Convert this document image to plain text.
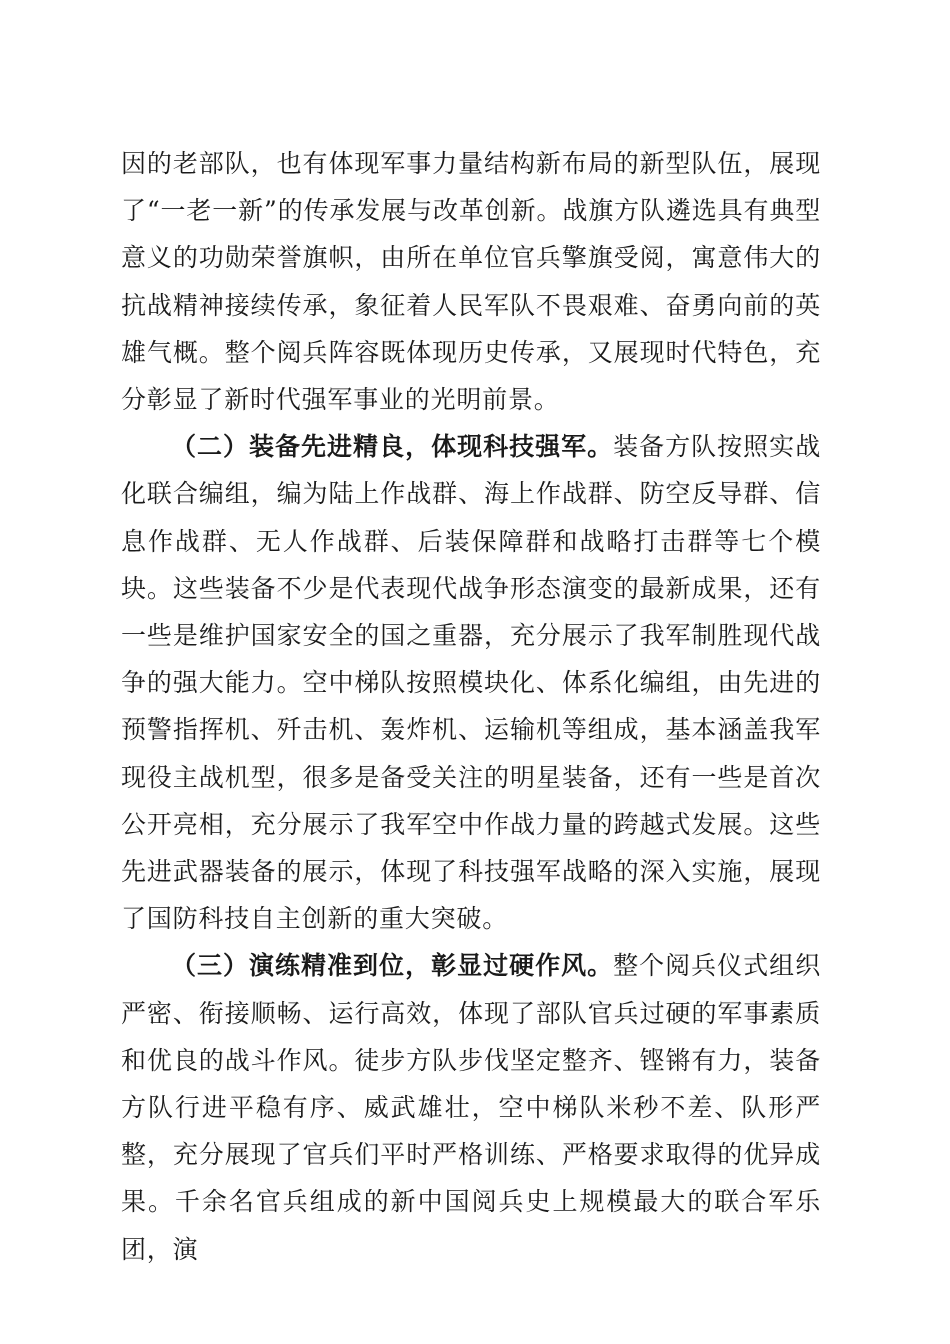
因的老部队，也有体现军事力量结构新布局的新型队伍，展现了“一老一新”的传承发展与改革创新。战旗方队遴选具有典型意义的功勋荣誉旗帜，由所在单位官兵擎旗受阅，寓意伟大的抗战精神接续传承，象征着人民军队不畏艰难、奋勇向前的英雄气概。整个阅兵阵容既体现历史传承，又展现时代特色，充分彰显了新时代强军事业的光明前景。

（二）装备先进精良，体现科技强军。装备方队按照实战化联合编组，编为陆上作战群、海上作战群、防空反导群、信息作战群、无人作战群、后装保障群和战略打击群等七个模块。这些装备不少是代表现代战争形态演变的最新成果，还有一些是维护国家安全的国之重器，充分展示了我军制胜现代战争的强大能力。空中梯队按照模块化、体系化编组，由先进的预警指挥机、歼击机、轰炸机、运输机等组成，基本涵盖我军现役主战机型，很多是备受关注的明星装备，还有一些是首次公开亮相，充分展示了我军空中作战力量的跨越式发展。这些先进武器装备的展示，体现了科技强军战略的深入实施，展现了国防科技自主创新的重大突破。

（三）演练精准到位，彰显过硬作风。整个阅兵仪式组织严密、衔接顺畅、运行高效，体现了部队官兵过硬的军事素质和优良的战斗作风。徒步方队步伐坚定整齐、铿锵有力，装备方队行进平稳有序、威武雄壮，空中梯队米秒不差、队形严整，充分展现了官兵们平时严格训练、严格要求取得的优异成果。千余名官兵组成的新中国阅兵史上规模最大的联合军乐团，演
